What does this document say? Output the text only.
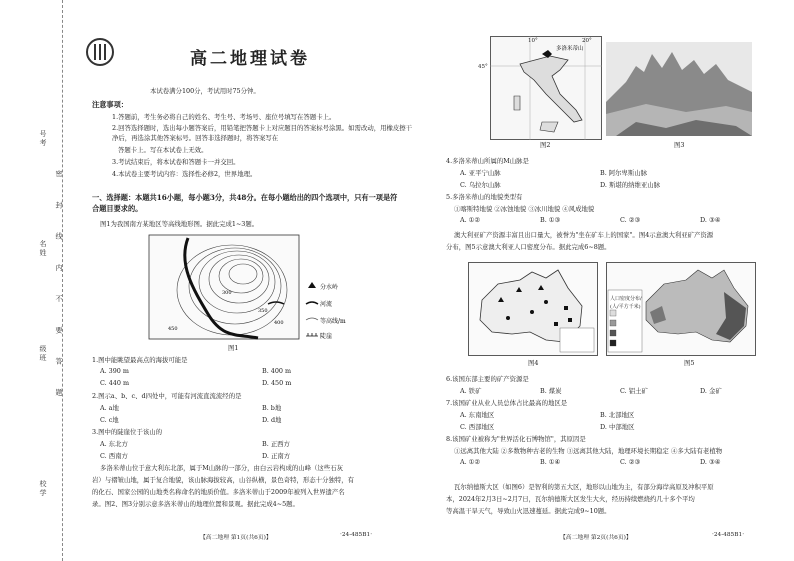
号考
名姓
级班
校学
密 封 线 内 不 要 答 题
高二地理试卷
本试卷满分100分，考试用时75分钟。
注意事项：
1.答题前，考生务必将自己的姓名、考生号、考场号、座位号填写在答题卡上。
2.回答选择题时，选出每小题答案后，用铅笔把答题卡上对应题目的答案标号涂黑。如需改动，用橡皮擦干净后，再选涂其他答案标号。回答非选择题时，将答案写在
答题卡上。写在本试卷上无效。
3.考试结束后，将本试卷和答题卡一并交回。
4.本试卷主要考试内容：选择性必修2，世界地理。
一、选择题：本题共16小题，每小题3分，共48分。在每小题给出的四个选项中，只有一项是符
合题目要求的。
图1为我国南方某地区等高线地形图。据此完成1~3题。
300
350
400
450
分水岭
河流
等高线/m
陡崖
图1
1.图中能眺望最高点的海拔可能是
A. 390 m	B. 400 m
C. 440 m	D. 450 m
2.图示a、b、c、d四处中，可能有河流直流流经的是
A. a地	B. b地
C. c地	D. d地
3.图中的陡崖位于该山的
A. 东北方	B. 正西方
C. 西南方	D. 正南方
多洛米蒂山位于意大利东北部，属于M山脉的一部分，由白云岩构成的山峰（这些石灰
岩）与褶皱山地，属于复合地貌，该山脉海拔较高，山谷纵横，景色奇特，形态十分独特，有
的化石、国家公园的山地类名称命名的地质价值。多洛米蒂山于2009年被列入世界遗产名
录。图2、图3分别示意多洛米蒂山的地理位置和景观。据此完成4~5题。
【高二地理 第1页(共6页)】	·24-485B1·
多洛米蒂山
10°	20°
45°
图2	图3
4.多洛米蒂山所属的M山脉是
A. 亚平宁山脉	B. 阿尔卑斯山脉
C. 乌拉尔山脉	D. 斯堪的纳维亚山脉
5.多洛米蒂山的地貌类型有
①喀斯特地貌 ②冰蚀地貌 ③冰川地貌 ④风成地貌
A. ①②	B. ①③	C. ②③	D. ③④
澳大利亚矿产资源丰富且出口量大，被誉为"坐在矿车上的国家"。图4示意澳大利亚矿产资源
分布，图5示意澳大利亚人口密度分布。据此完成6~8题。
图4
人口密度分布/
(人/平方千米)
图5
6.该国东部主要的矿产资源是
A. 铁矿	B. 煤炭	C. 铝土矿	D. 金矿
7.该国矿业从业人员总体占比最高的地区是
A. 东南地区	B. 北部地区
C. 西部地区	D. 中部地区
8.该国矿业被称为"世界活化石博物馆"，其原因是
①远离其他大陆 ②多数物种古老的生物 ③远离其他大陆，地理环境长期稳定 ④多大陆有老植物
A. ①②	B. ①④	C. ②③	D. ③④
瓦尔纳德斯大区（如图6）是智利的第五大区，地形以山地为主，有部分海岸高原及冲积平原
本，2024年2月3日~2月7日，瓦尔纳德斯大区发生大火，经历持续燃烧约几十多个平均
等高温干旱天气，导致山火迅速蔓延。据此完成9~10题。
【高二地理 第2页(共6页)】	·24-485B1·
